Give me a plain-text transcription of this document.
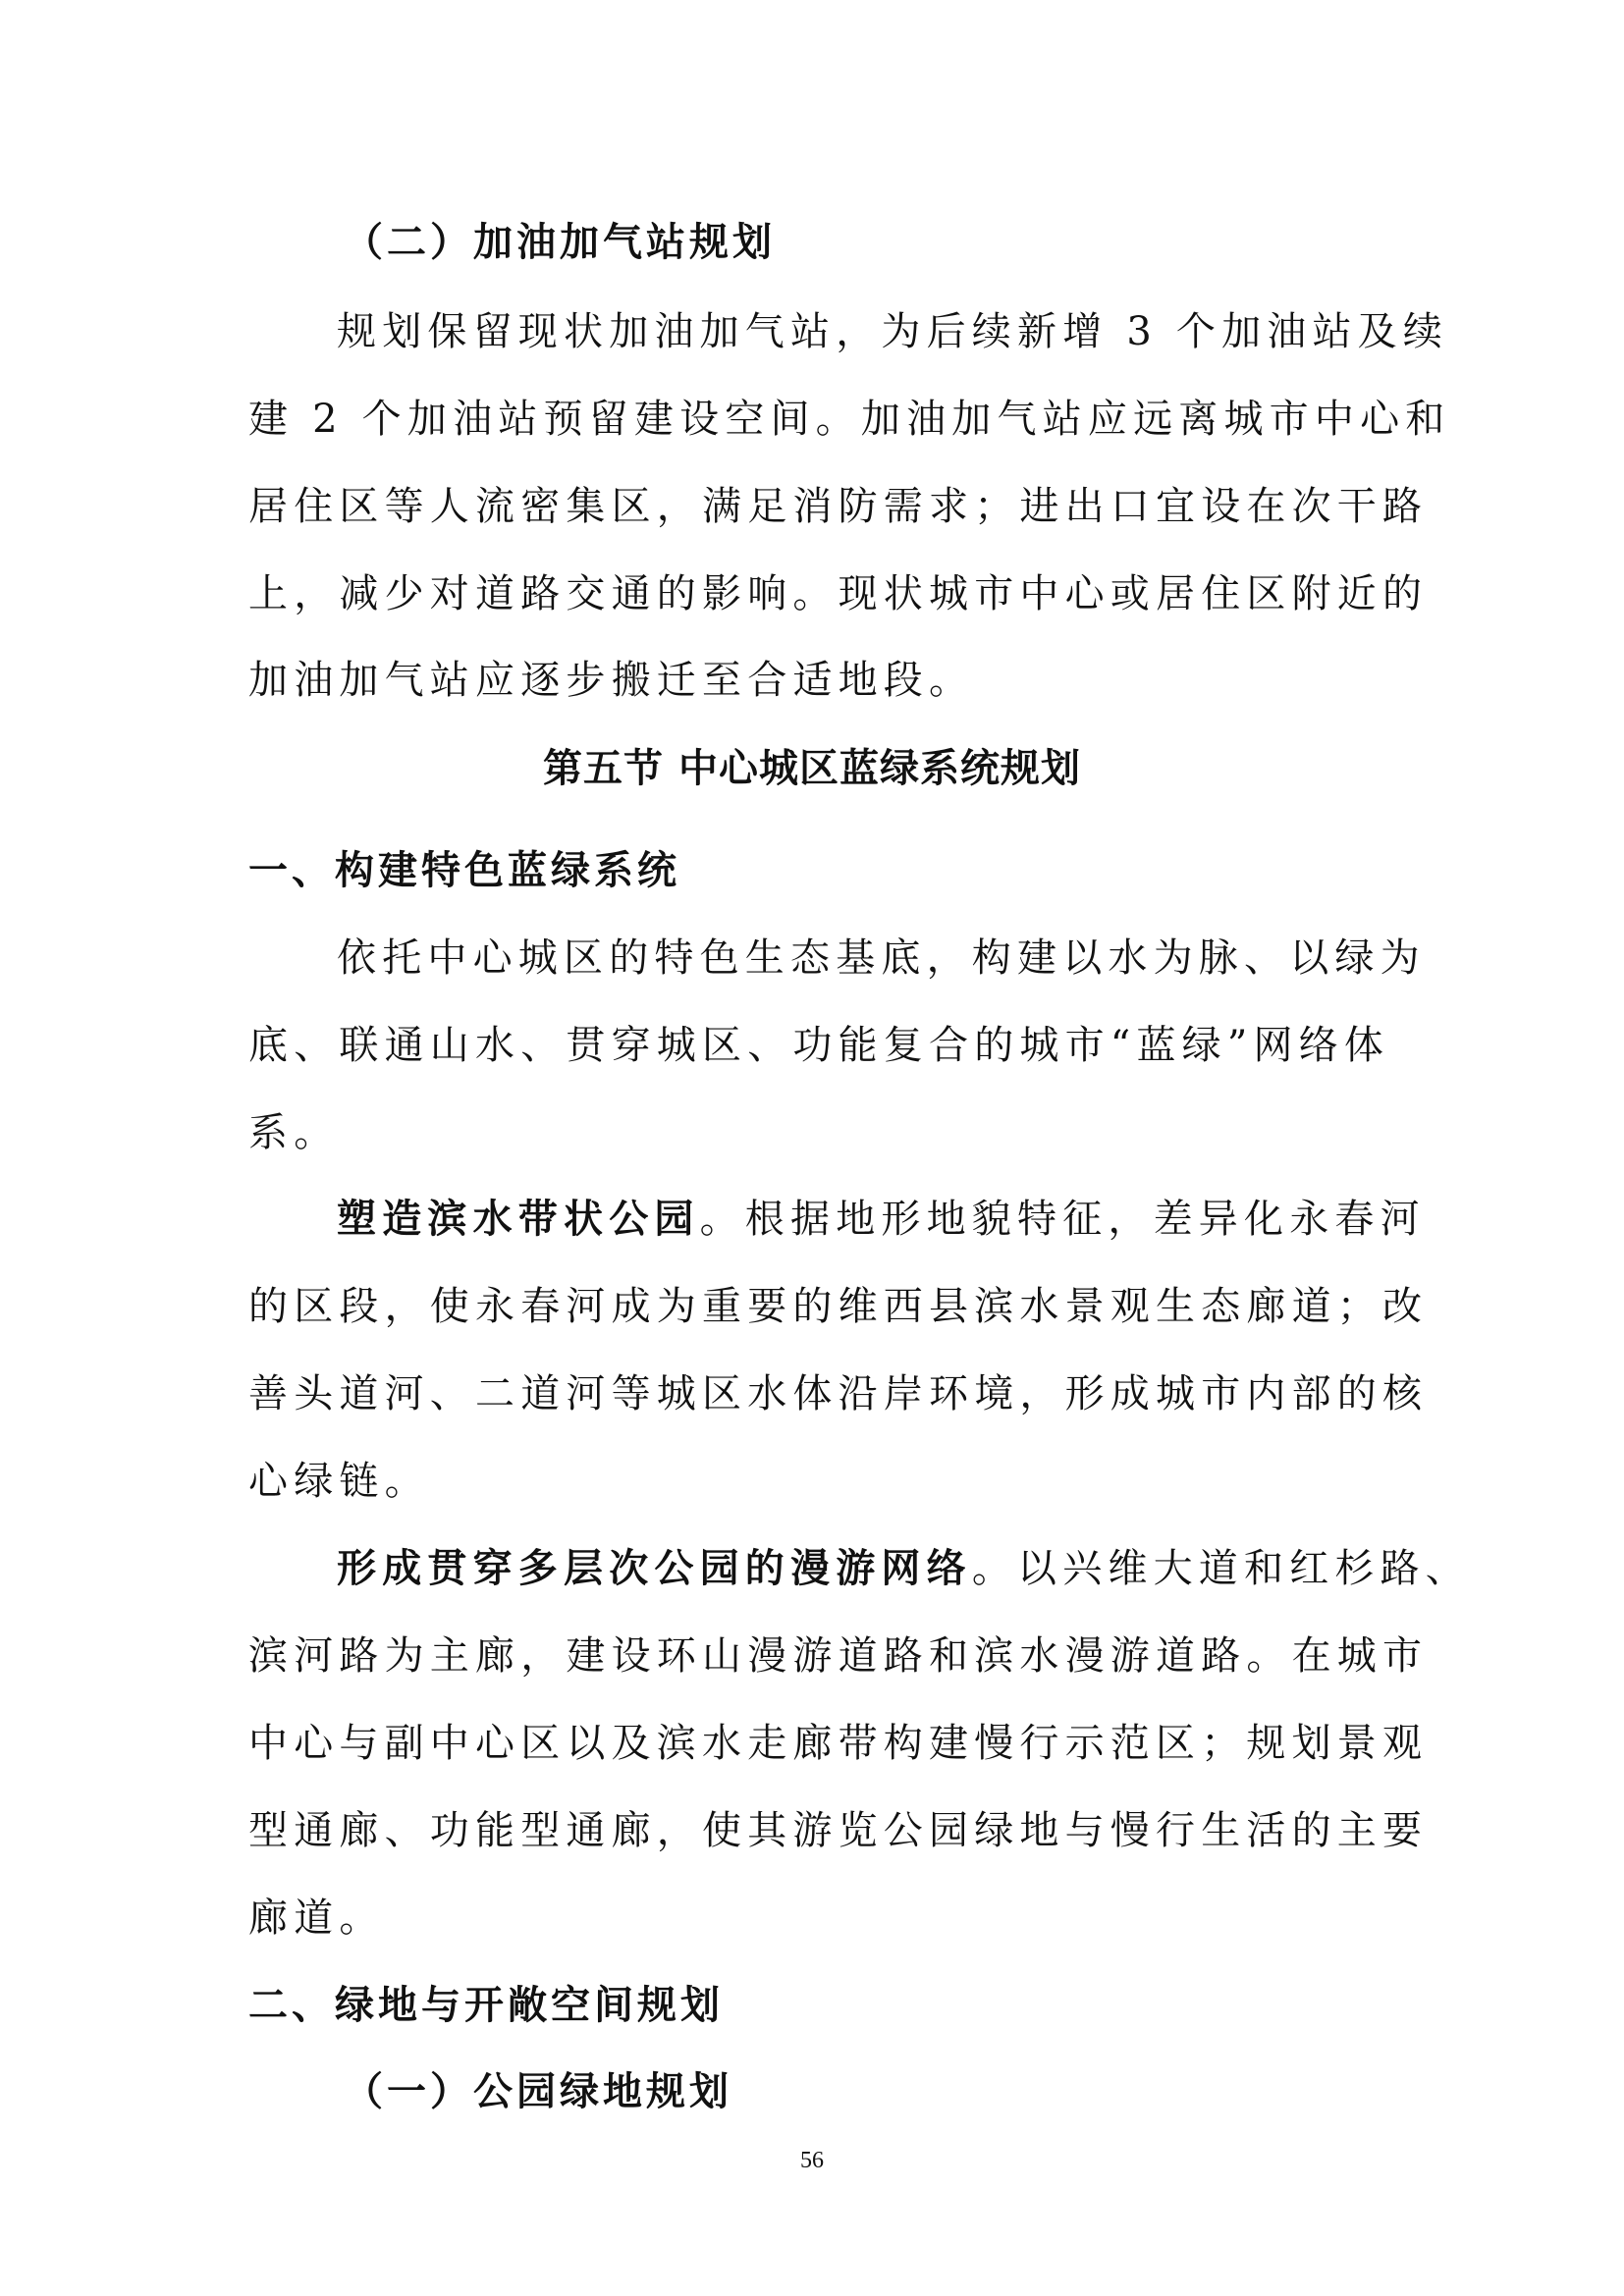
（二）加油加气站规划
规划保留现状加油加气站，为后续新增 3 个加油站及续
建 2 个加油站预留建设空间。加油加气站应远离城市中心和
居住区等人流密集区，满足消防需求；进出口宜设在次干路
上，减少对道路交通的影响。现状城市中心或居住区附近的
加油加气站应逐步搬迁至合适地段。
第五节 中心城区蓝绿系统规划
一、构建特色蓝绿系统
依托中心城区的特色生态基底，构建以水为脉、以绿为
底、联通山水、贯穿城区、功能复合的城市“蓝绿”网络体
系。
塑造滨水带状公园。根据地形地貌特征，差异化永春河
的区段，使永春河成为重要的维西县滨水景观生态廊道；改
善头道河、二道河等城区水体沿岸环境，形成城市内部的核
心绿链。
形成贯穿多层次公园的漫游网络。以兴维大道和红杉路、
滨河路为主廊，建设环山漫游道路和滨水漫游道路。在城市
中心与副中心区以及滨水走廊带构建慢行示范区；规划景观
型通廊、功能型通廊，使其游览公园绿地与慢行生活的主要
廊道。
二、绿地与开敞空间规划
（一）公园绿地规划
56
